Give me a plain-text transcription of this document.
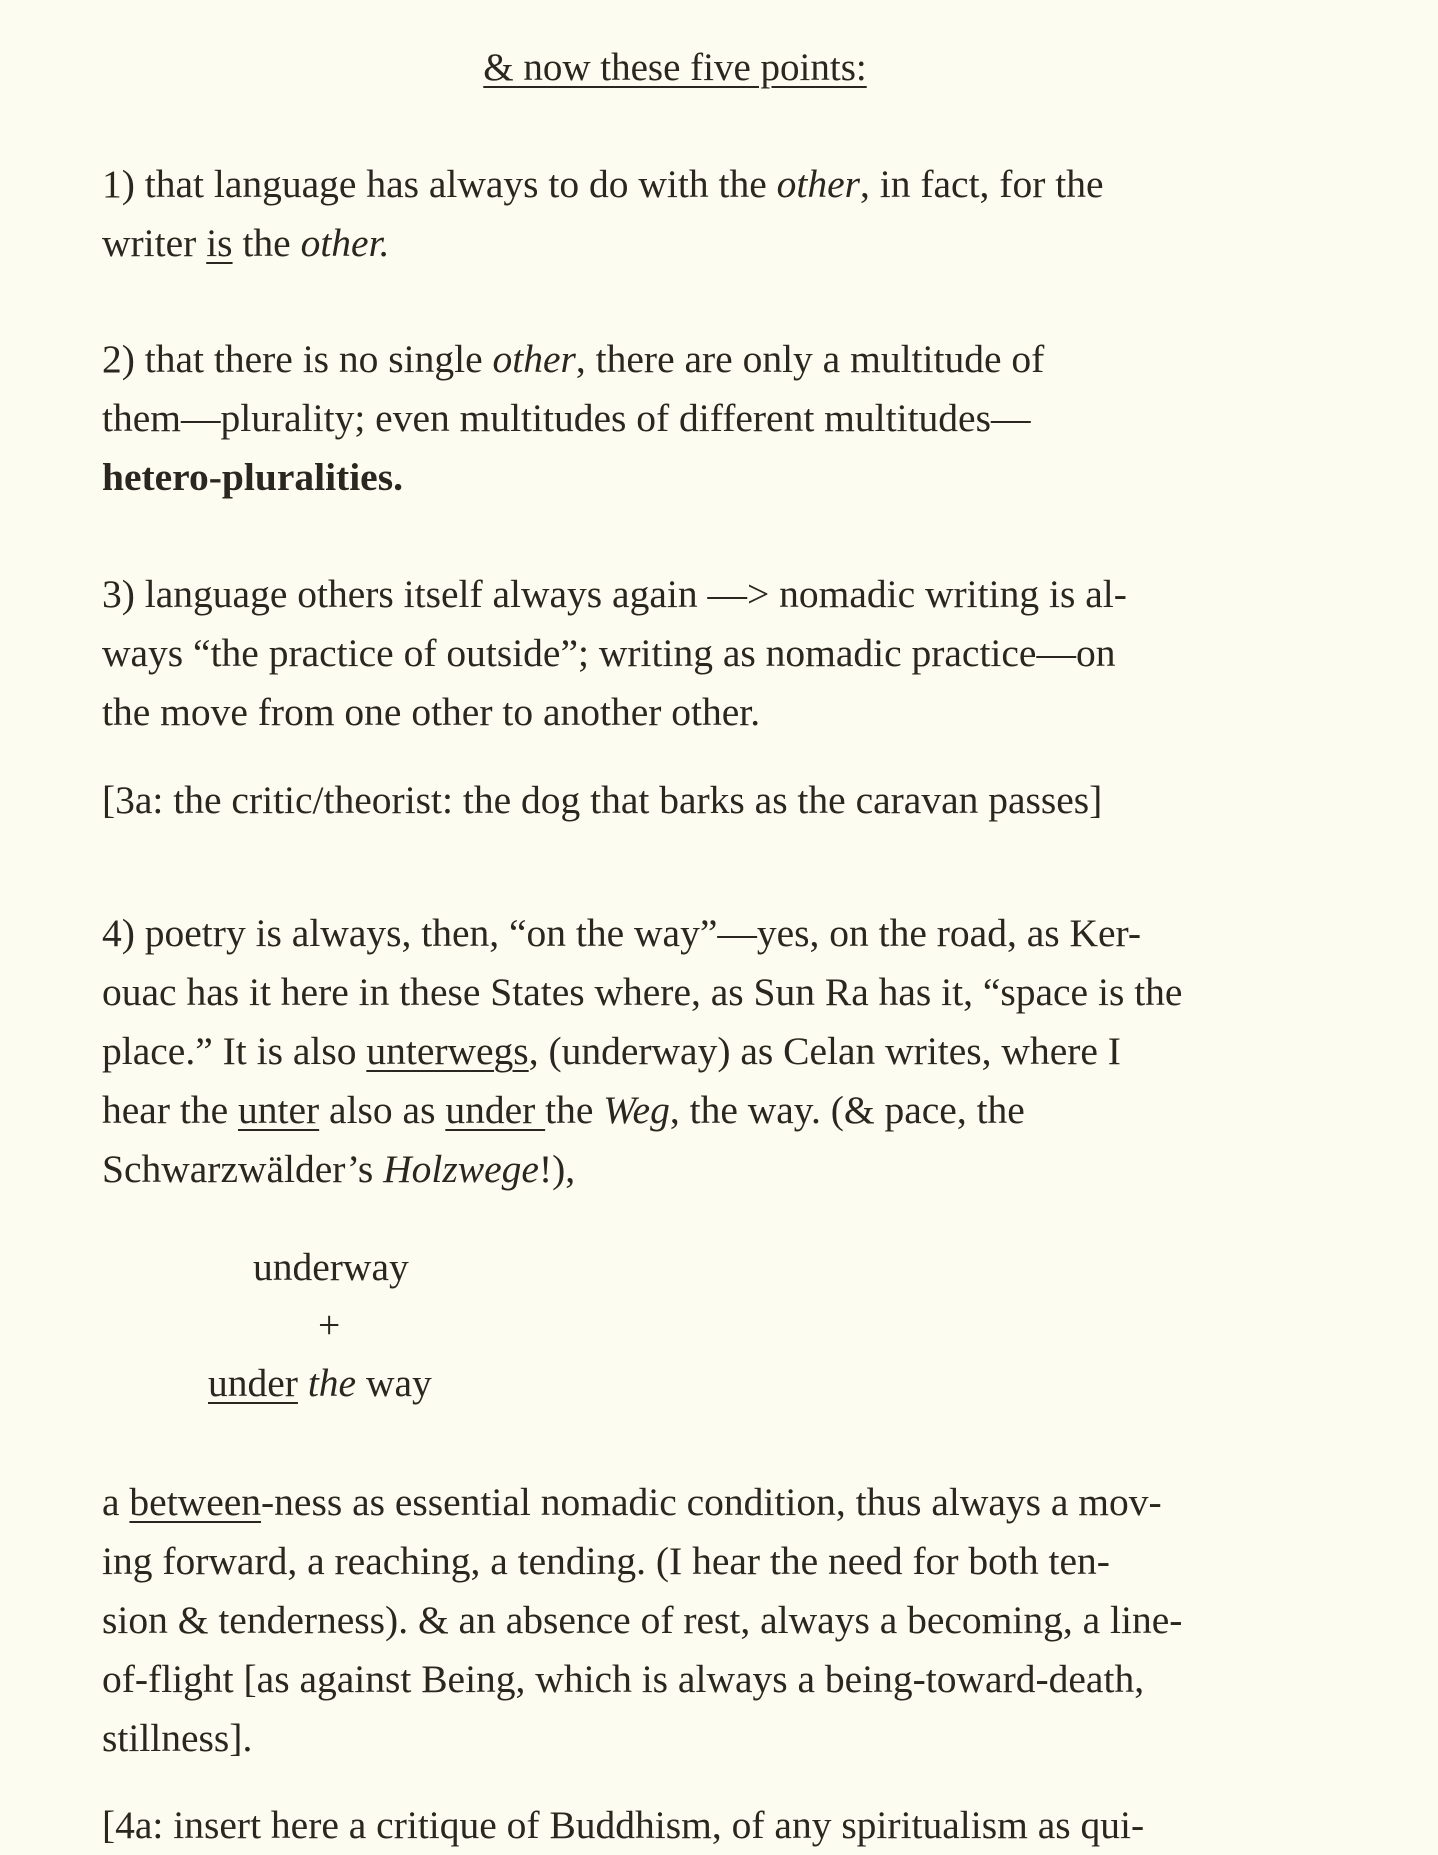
& now these five points:

1) that language has always to do with the other, in fact, for the
writer is the other.

2) that there is no single other, there are only a multitude of
them—plurality; even multitudes of different multitudes—
hetero-pluralities.

3) language others itself always again —> nomadic writing is al-
ways “the practice of outside”; writing as nomadic practice—on
the move from one other to another other.

[3a: the critic/theorist: the dog that barks as the caravan passes]

4) poetry is always, then, “on the way”—yes, on the road, as Ker-
ouac has it here in these States where, as Sun Ra has it, “space is the
place.” It is also unterwegs, (underway) as Celan writes, where I
hear the unter also as under the Weg, the way. (& pace, the
Schwarzwälder’s Holzwege!),

underway
+
under the way

a between-ness as essential nomadic condition, thus always a mov-
ing forward, a reaching, a tending. (I hear the need for both ten-
sion & tenderness). & an absence of rest, always a becoming, a line-
of-flight [as against Being, which is always a being-toward-death,
stillness].

[4a: insert here a critique of Buddhism, of any spiritualism as qui-
